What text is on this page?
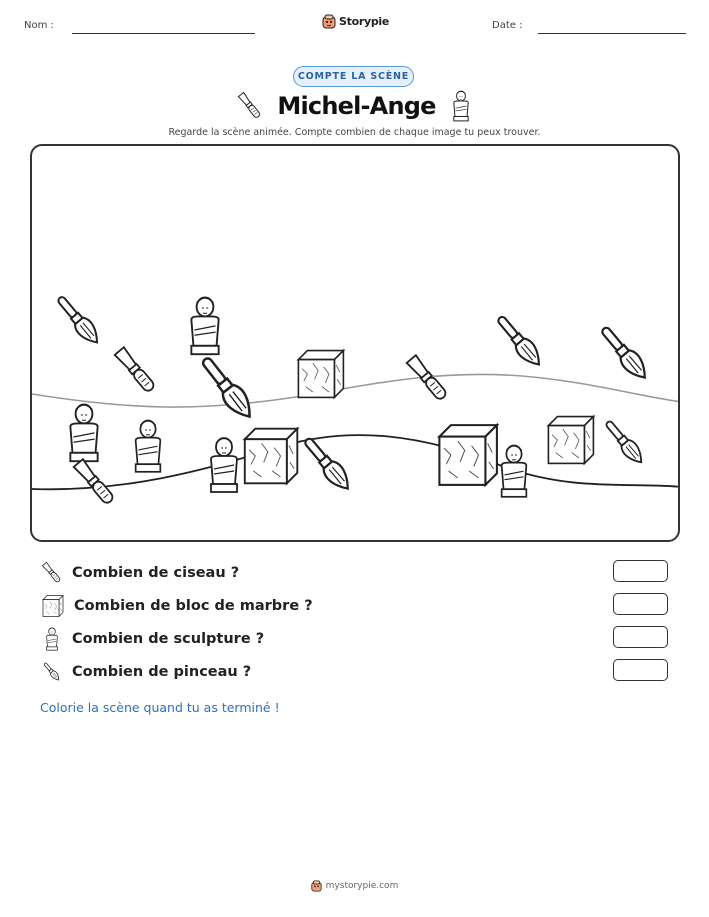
Nom :	Storypie	Date :
COMPTE LA SCÈNE
Michel-Ange
Regarde la scène animée. Compte combien de chaque image tu peux trouver.
Combien de ciseau ?
Combien de bloc de marbre ?
Combien de sculpture ?
Combien de pinceau ?
Colorie la scène quand tu as terminé !
mystorypie.com
